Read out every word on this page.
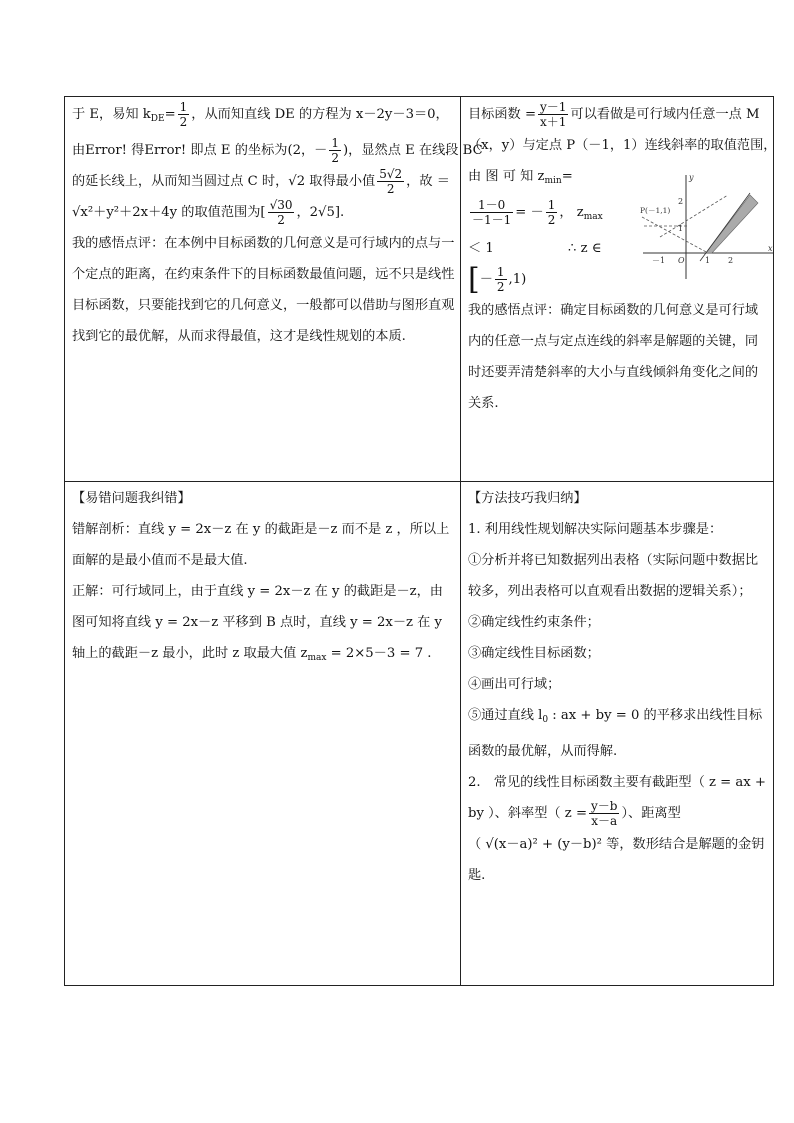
于 E，易知 $k_{DE}= \frac{1}{2}$ ，从而知直线 DE 的方程为 x－2y－3＝0，
由Error! 得Error! 即点 E 的坐标为(2，－ $\frac{1}{2}$ )，显然点 E 在线段 BC
的延长线上，从而知当圆过点 C 时，√2 取得最小值 $\frac{5√2}{2}$ ，故 ＝
√x²＋y²＋2x＋4y 的取值范围为[ $\frac{√30}{2}$ ，2√5].
我的感悟点评：在本例中目标函数的几何意义是可行域内的点与一个定点的距离，在约束条件下的目标函数最值问题，远不只是线性目标函数，只要能找到它的几何意义，一般都可以借助与图形直观找到它的最优解，从而求得最值，这才是线性规划的本质.
目标函数 = $\frac{y-1}{x+1}$ 可以看做是可行域内任意一点 M
（x，y）与定点 P（－1，1）连线斜率的取值范围，
由 图 可 知 $z_{min}=$
$\frac{1-0}{-1-1}$ = － $\frac{1}{2}$ ， $z_{max}$
＜ 1	∴ z ∈
[－ $\frac{1}{2} ,1$)
我的感悟点评：确定目标函数的几何意义是可行域内的任意一点与定点连线的斜率是解题的关键，同时还要弄清楚斜率的大小与直线倾斜角变化之间的关系.
P(－1,1)
O	1 2
－1
1
2
x
y
【易错问题我纠错】
错解剖析：直线 y = 2x－z 在 y 的截距是－z 而不是 z ，所以上面解的是最小值而不是最大值.
正解：可行域同上，由于直线 y = 2x－z 在 y 的截距是－z，由图可知将直线 y = 2x－z 平移到 B 点时，直线 y = 2x－z 在 y 轴上的截距－z 最小，此时 z 取最大值 $z_{max} = 2\times 5-3 = 7$ .
【方法技巧我归纳】
1. 利用线性规划解决实际问题基本步骤是：
①分析并将已知数据列出表格（实际问题中数据比较多，列出表格可以直观看出数据的逻辑关系）；
②确定线性约束条件；
③确定线性目标函数；
④画出可行域；
⑤通过直线 $l_0$ : ax + by = 0 的平移求出线性目标函数的最优解，从而得解.
2.　常见的线性目标函数主要有截距型（ z = ax + by ）、斜率型（ $z = \frac{y-b}{x-a}$ ）、距离型
（ √(x－a)² + (y－b)² 等，数形结合是解题的金钥匙.
